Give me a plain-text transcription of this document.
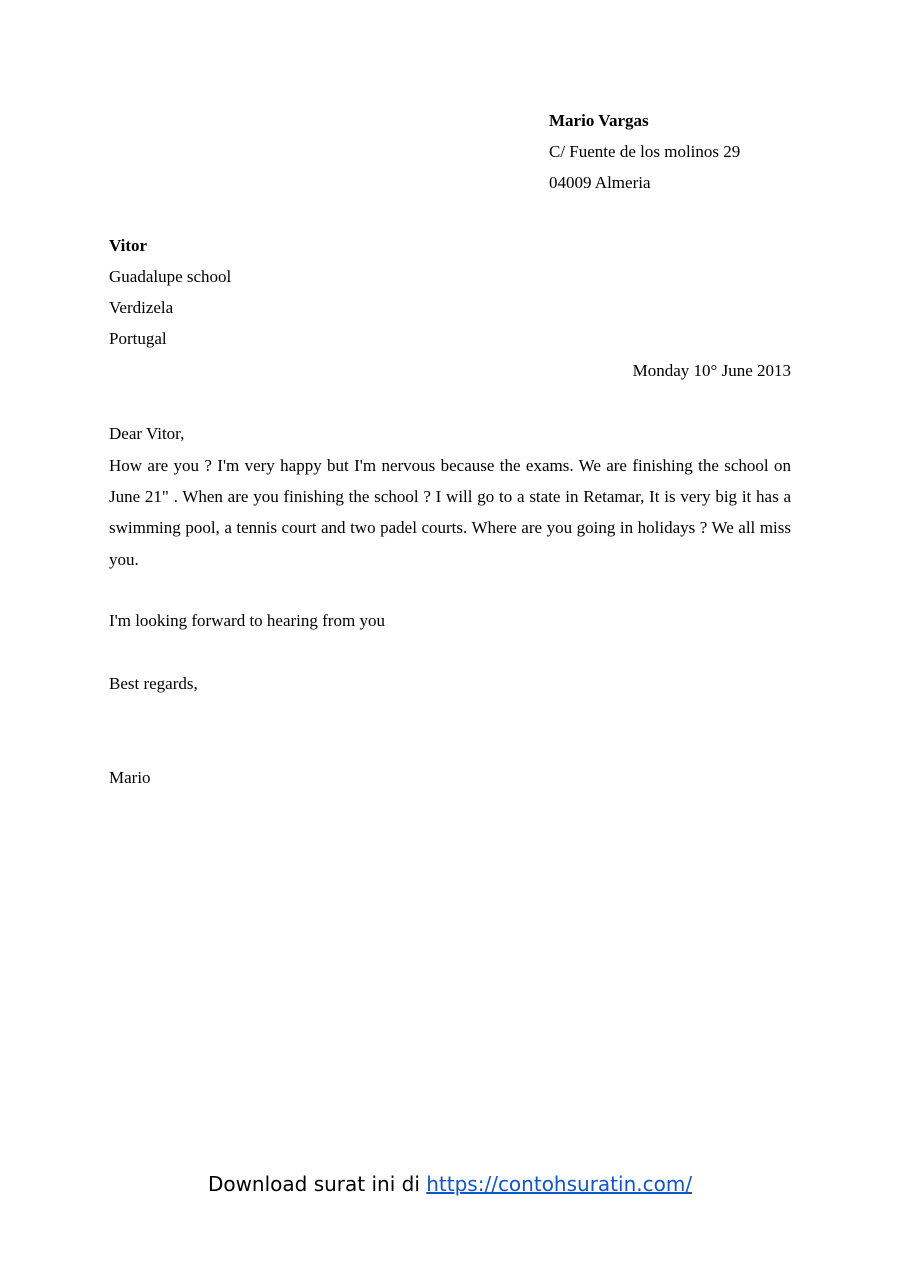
Mario Vargas
C/ Fuente de los molinos 29
04009 Almeria
Vitor
Guadalupe school
Verdizela
Portugal
Monday 10° June 2013
Dear Vitor,

How are you ? I'm very happy but I'm nervous because the exams. We are finishing the school on June 21" . When are you finishing the school ? I will go to a state in Retamar, It is very big it has a swimming pool, a tennis court and two padel courts. Where are you going in holidays ? We all miss you.

I'm looking forward to hearing from you
Best regards,
Mario
Download surat ini di https://contohsuratin.com/
